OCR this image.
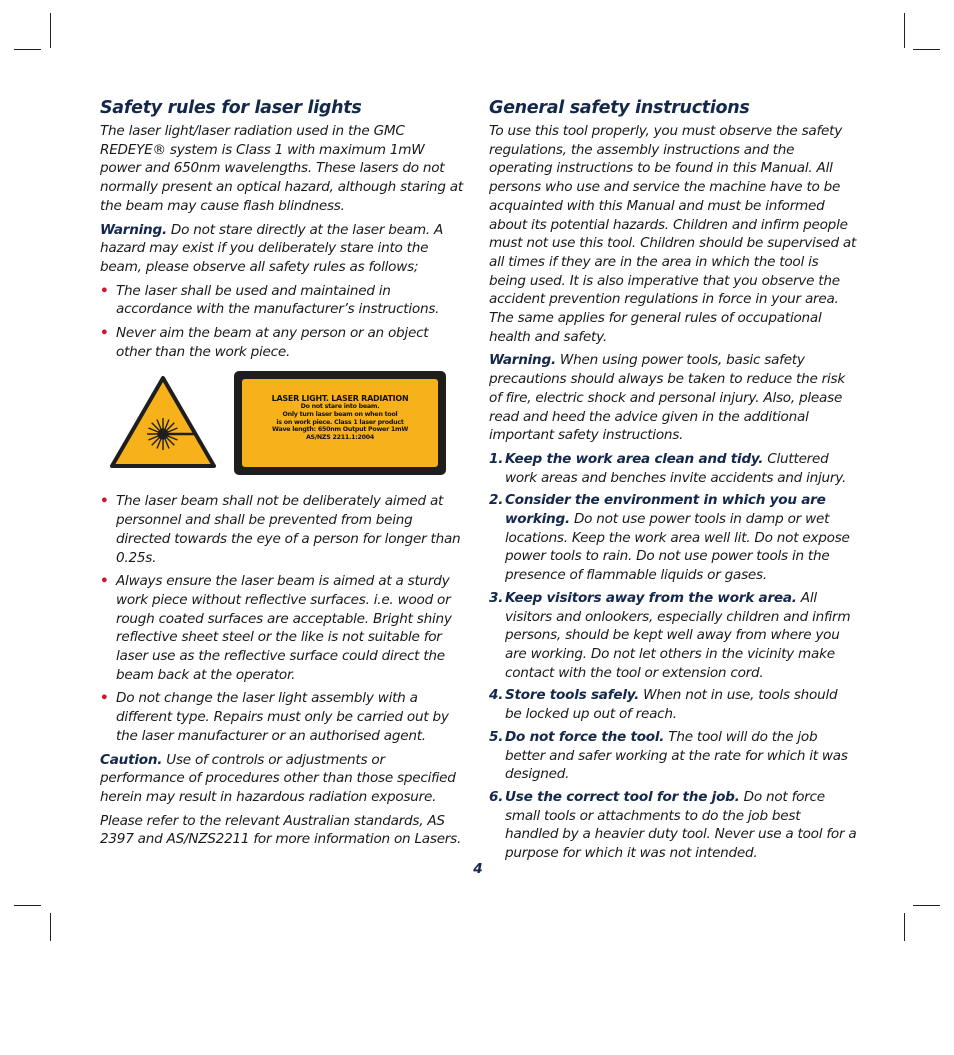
Safety rules for laser lights
The laser light/laser radiation used in the GMC REDEYE® system is Class 1 with maximum 1mW power and 650nm wavelengths. These lasers do not normally present an optical hazard, although staring at the beam may cause flash blindness.
Warning. Do not stare directly at the laser beam. A hazard may exist if you deliberately stare into the beam, please observe all safety rules as follows;
• The laser shall be used and maintained in accordance with the manufacturer’s instructions.
• Never aim the beam at any person or an object other than the work piece.
LASER LIGHT. LASER RADIATION
Do not stare into beam.
Only turn laser beam on when tool
is on work piece. Class 1 laser product
Wave length: 650nm Output Power 1mW
AS/NZS 2211.1:2004
• The laser beam shall not be deliberately aimed at personnel and shall be prevented from being directed towards the eye of a person for longer than 0.25s.
• Always ensure the laser beam is aimed at a sturdy work piece without reflective surfaces. i.e. wood or rough coated surfaces are acceptable. Bright shiny reflective sheet steel or the like is not suitable for laser use as the reflective surface could direct the beam back at the operator.
• Do not change the laser light assembly with a different type. Repairs must only be carried out by the laser manufacturer or an authorised agent.
Caution. Use of controls or adjustments or performance of procedures other than those specified herein may result in hazardous radiation exposure.
Please refer to the relevant Australian standards, AS 2397 and AS/NZS2211 for more information on Lasers.
General safety instructions
To use this tool properly, you must observe the safety regulations, the assembly instructions and the operating instructions to be found in this Manual. All persons who use and service the machine have to be acquainted with this Manual and must be informed about its potential hazards. Children and infirm people must not use this tool. Children should be supervised at all times if they are in the area in which the tool is being used. It is also imperative that you observe the accident prevention regulations in force in your area. The same applies for general rules of occupational health and safety.
Warning. When using power tools, basic safety precautions should always be taken to reduce the risk of fire, electric shock and personal injury. Also, please read and heed the advice given in the additional important safety instructions.
1. Keep the work area clean and tidy. Cluttered work areas and benches invite accidents and injury.
2. Consider the environment in which you are working. Do not use power tools in damp or wet locations. Keep the work area well lit. Do not expose power tools to rain. Do not use power tools in the presence of flammable liquids or gases.
3. Keep visitors away from the work area. All visitors and onlookers, especially children and infirm persons, should be kept well away from where you are working. Do not let others in the vicinity make contact with the tool or extension cord.
4. Store tools safely. When not in use, tools should be locked up out of reach.
5. Do not force the tool. The tool will do the job better and safer working at the rate for which it was designed.
6. Use the correct tool for the job. Do not force small tools or attachments to do the job best handled by a heavier duty tool. Never use a tool for a purpose for which it was not intended.
4
